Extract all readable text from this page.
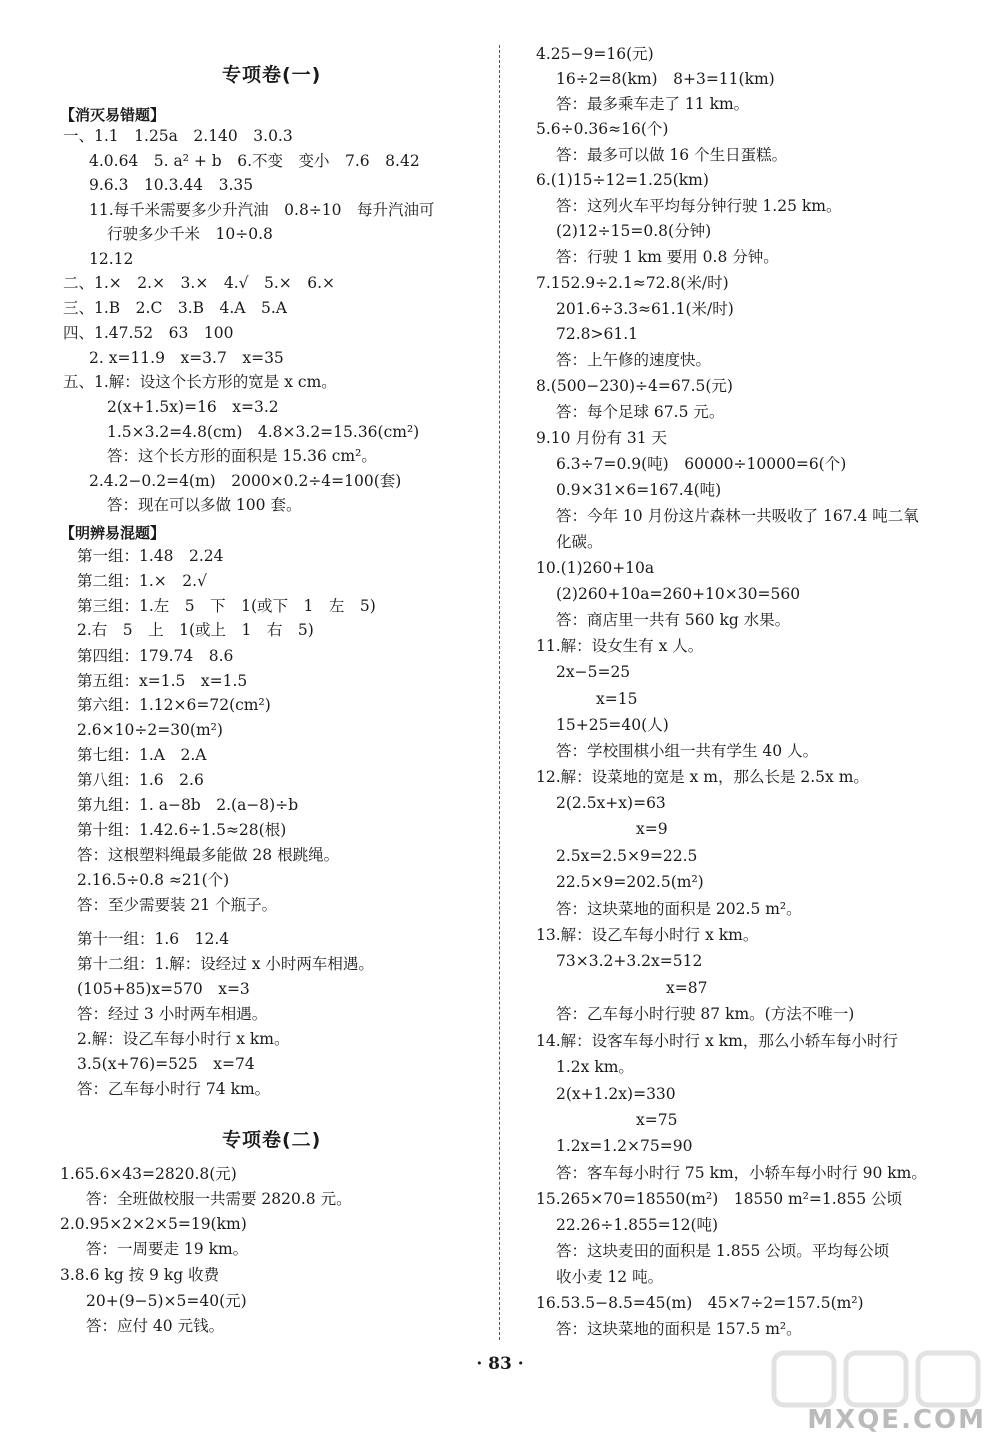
专项卷(一)
【消灭易错题】
一、1.1　1.25a　2.140　3.0.3
4.0.64　5. a² + b　6.不变　变小　7.6　8.42
9.6.3　10.3.44　3.35
11.每千米需要多少升汽油　0.8÷10　每升汽油可
行驶多少千米　10÷0.8
12.12
二、1.×　2.×　3.×　4.√　5.×　6.×
三、1.B　2.C　3.B　4.A　5.A
四、1.47.52　63　100
2. x=11.9　x=3.7　x=35
五、1.解：设这个长方形的宽是 x cm。
2(x+1.5x)=16　x=3.2
1.5×3.2=4.8(cm)　4.8×3.2=15.36(cm²)
答：这个长方形的面积是 15.36 cm²。
2.4.2−0.2=4(m)　2000×0.2÷4=100(套)
答：现在可以多做 100 套。
【明辨易混题】
第一组：1.48　2.24
第二组：1.×　2.√
第三组：1.左　5　下　1(或下　1　左　5)
2.右　5　上　1(或上　1　右　5)
第四组：179.74　8.6
第五组：x=1.5　x=1.5
第六组：1.12×6=72(cm²)
2.6×10÷2=30(m²)
第七组：1.A　2.A
第八组：1.6　2.6
第九组：1. a−8b　2.(a−8)÷b
第十组：1.42.6÷1.5≈28(根)
答：这根塑料绳最多能做 28 根跳绳。
2.16.5÷0.8 ≈21(个)
答：至少需要装 21 个瓶子。
第十一组：1.6　12.4
第十二组：1.解：设经过 x 小时两车相遇。
(105+85)x=570　x=3
答：经过 3 小时两车相遇。
2.解：设乙车每小时行 x km。
3.5(x+76)=525　x=74
答：乙车每小时行 74 km。
专项卷(二)
1.65.6×43=2820.8(元)
答：全班做校服一共需要 2820.8 元。
2.0.95×2×2×5=19(km)
答：一周要走 19 km。
3.8.6 kg 按 9 kg 收费
20+(9−5)×5=40(元)
答：应付 40 元钱。
4.25−9=16(元)
16÷2=8(km)　8+3=11(km)
答：最多乘车走了 11 km。
5.6÷0.36≈16(个)
答：最多可以做 16 个生日蛋糕。
6.(1)15÷12=1.25(km)
答：这列火车平均每分钟行驶 1.25 km。
(2)12÷15=0.8(分钟)
答：行驶 1 km 要用 0.8 分钟。
7.152.9÷2.1≈72.8(米/时)
201.6÷3.3≈61.1(米/时)
72.8>61.1
答：上午修的速度快。
8.(500−230)÷4=67.5(元)
答：每个足球 67.5 元。
9.10 月份有 31 天
6.3÷7=0.9(吨)　60000÷10000=6(个)
0.9×31×6=167.4(吨)
答：今年 10 月份这片森林一共吸收了 167.4 吨二氧
化碳。
10.(1)260+10a
(2)260+10a=260+10×30=560
答：商店里一共有 560 kg 水果。
11.解：设女生有 x 人。
2x−5=25
x=15
15+25=40(人)
答：学校围棋小组一共有学生 40 人。
12.解：设菜地的宽是 x m，那么长是 2.5x m。
2(2.5x+x)=63
x=9
2.5x=2.5×9=22.5
22.5×9=202.5(m²)
答：这块菜地的面积是 202.5 m²。
13.解：设乙车每小时行 x km。
73×3.2+3.2x=512
x=87
答：乙车每小时行驶 87 km。(方法不唯一)
14.解：设客车每小时行 x km，那么小轿车每小时行
1.2x km。
2(x+1.2x)=330
x=75
1.2x=1.2×75=90
答：客车每小时行 75 km，小轿车每小时行 90 km。
15.265×70=18550(m²)　18550 m²=1.855 公顷
22.26÷1.855=12(吨)
答：这块麦田的面积是 1.855 公顷。平均每公顷
收小麦 12 吨。
16.53.5−8.5=45(m)　45×7÷2=157.5(m²)
答：这块菜地的面积是 157.5 m²。
· 83 ·
MXQE.COM
